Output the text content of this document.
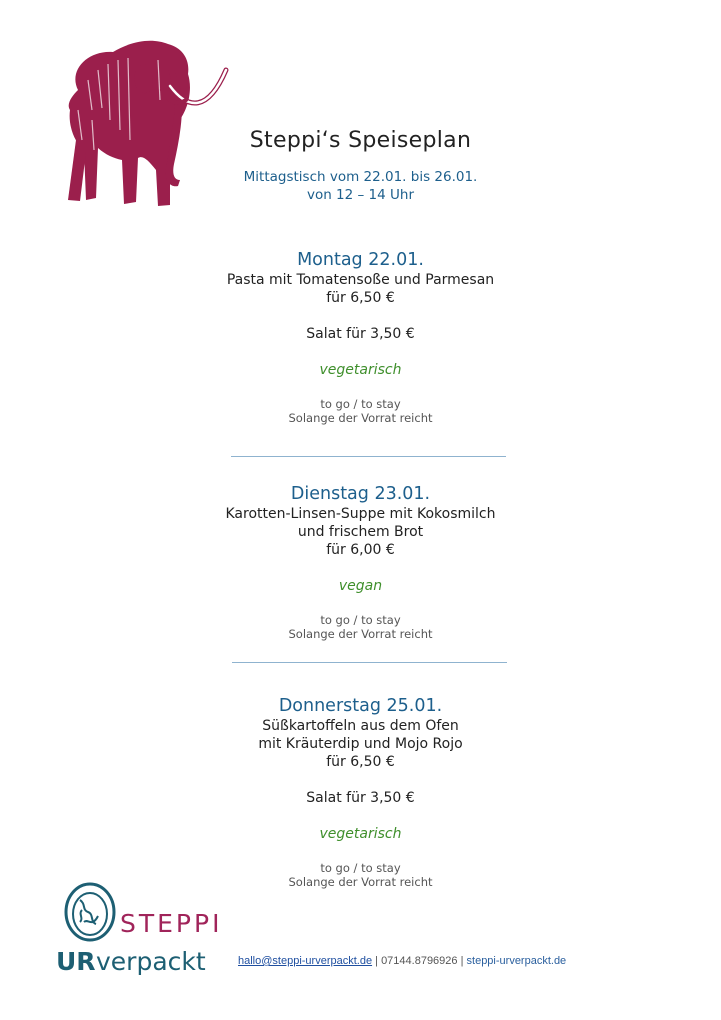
Steppi‘s Speiseplan
Mittagstisch vom 22.01. bis 26.01.
von 12 – 14 Uhr
Montag 22.01.
Pasta mit Tomatensoße und Parmesan
für 6,50 €
Salat für 3,50 €
vegetarisch
to go / to stay
Solange der Vorrat reicht
Dienstag 23.01.
Karotten-Linsen-Suppe mit Kokosmilch
und frischem Brot
für 6,00 €
vegan
to go / to stay
Solange der Vorrat reicht
Donnerstag 25.01.
Süßkartoffeln aus dem Ofen
mit Kräuterdip und Mojo Rojo
für 6,50 €
Salat für 3,50 €
vegetarisch
to go / to stay
Solange der Vorrat reicht
STEPPI
UR verpackt	hallo@steppi-urverpackt.de | 07144.8796926 | steppi-urverpackt.de
